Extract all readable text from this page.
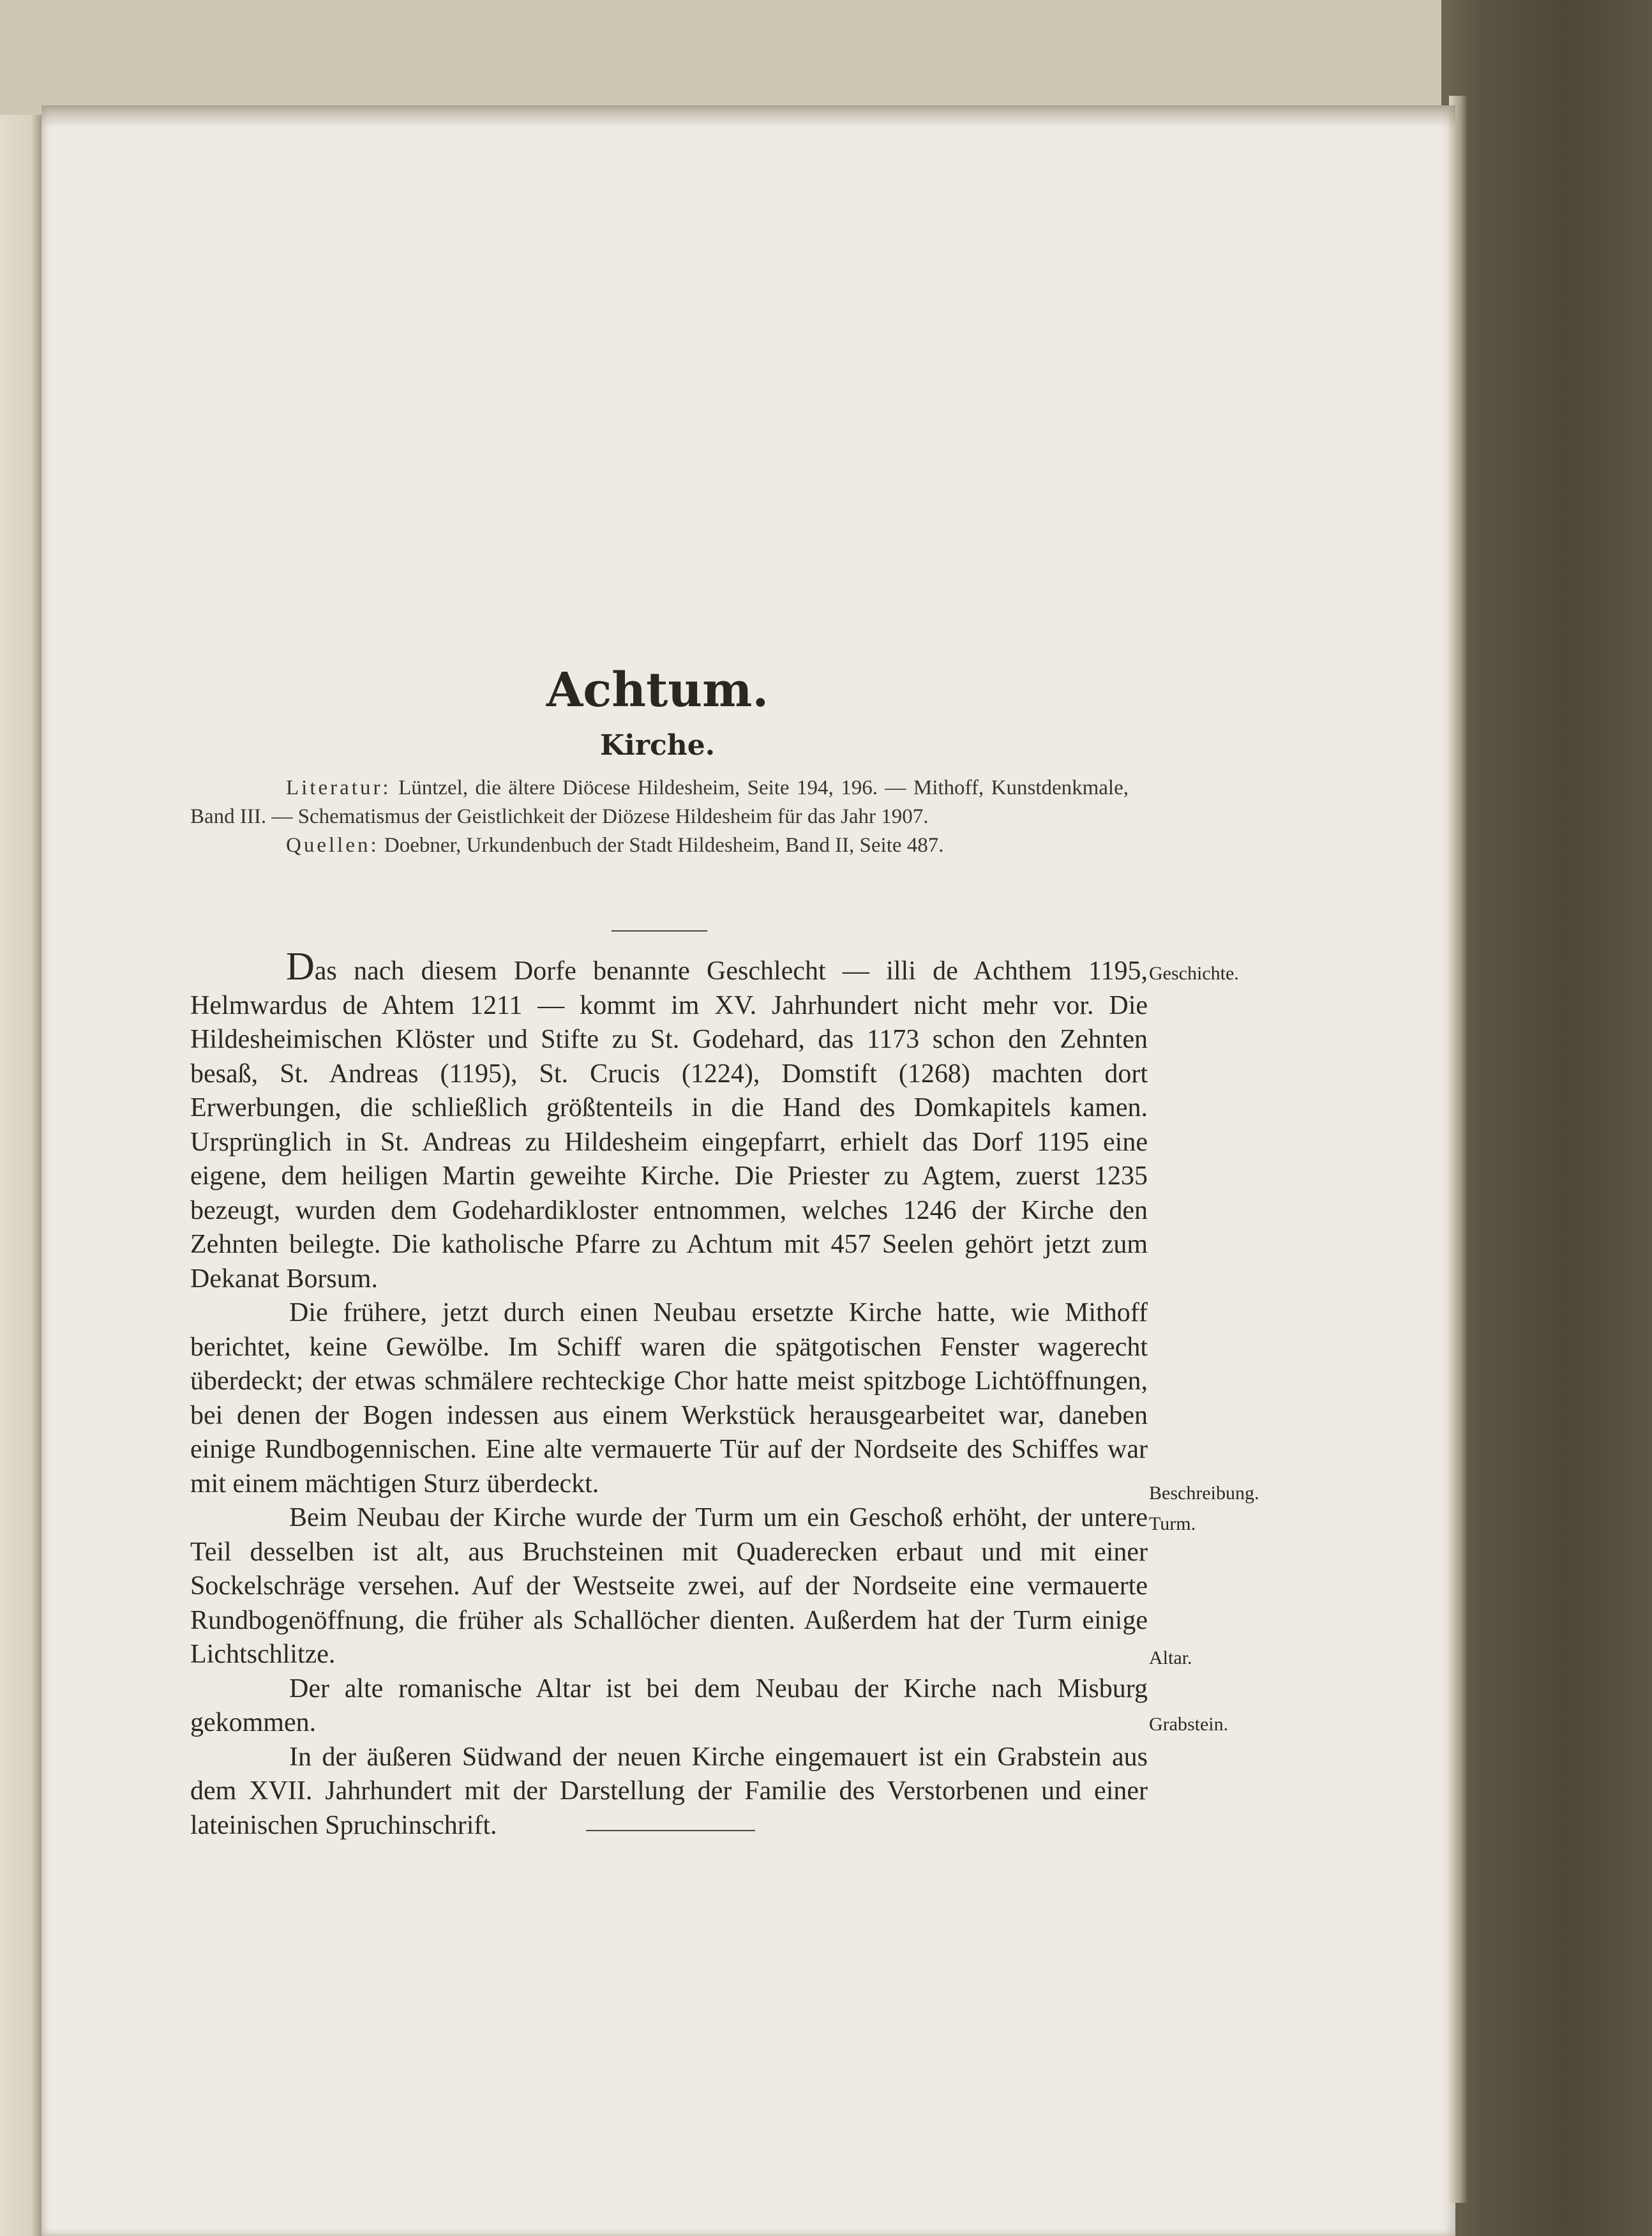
Achtum.
Kirche.

Literatur: Lüntzel, die ältere Diöcese Hildesheim, Seite 194, 196. — Mithoff, Kunstdenkmale, Band III. — Schematismus der Geistlichkeit der Diözese Hildesheim für das Jahr 1907.

Quellen: Doebner, Urkundenbuch der Stadt Hildesheim, Band II, Seite 487.

Das nach diesem Dorfe benannte Geschlecht — illi de Achthem 1195, Helmwardus de Ahtem 1211 — kommt im XV. Jahrhundert nicht mehr vor. Die Hildesheimischen Klöster und Stifte zu St. Godehard, das 1173 schon den Zehnten besaß, St. Andreas (1195), St. Crucis (1224), Domstift (1268) machten dort Erwerbungen, die schließlich größtenteils in die Hand des Domkapitels kamen. Ursprünglich in St. Andreas zu Hildesheim eingepfarrt, erhielt das Dorf 1195 eine eigene, dem heiligen Martin geweihte Kirche. Die Priester zu Agtem, zuerst 1235 bezeugt, wurden dem Godehardikloster entnommen, welches 1246 der Kirche den Zehnten beilegte. Die katholische Pfarre zu Achtum mit 457 Seelen gehört jetzt zum Dekanat Borsum.

Die frühere, jetzt durch einen Neubau ersetzte Kirche hatte, wie Mithoff berichtet, keine Gewölbe. Im Schiff waren die spätgotischen Fenster wagerecht überdeckt; der etwas schmälere rechteckige Chor hatte meist spitzboge Lichtöffnungen, bei denen der Bogen indessen aus einem Werkstück herausgearbeitet war, daneben einige Rundbogennischen. Eine alte vermauerte Tür auf der Nordseite des Schiffes war mit einem mächtigen Sturz überdeckt.

Beim Neubau der Kirche wurde der Turm um ein Geschoß erhöht, der untere Teil desselben ist alt, aus Bruchsteinen mit Quaderecken erbaut und mit einer Sockelschräge versehen. Auf der Westseite zwei, auf der Nordseite eine vermauerte Rundbogenöffnung, die früher als Schallöcher dienten. Außerdem hat der Turm einige Lichtschlitze.

Der alte romanische Altar ist bei dem Neubau der Kirche nach Misburg gekommen.

In der äußeren Südwand der neuen Kirche eingemauert ist ein Grabstein aus dem XVII. Jahrhundert mit der Darstellung der Familie des Verstorbenen und einer lateinischen Spruchinschrift.

Geschichte.
Beschreibung.
Turm.
Altar.
Grabstein.
